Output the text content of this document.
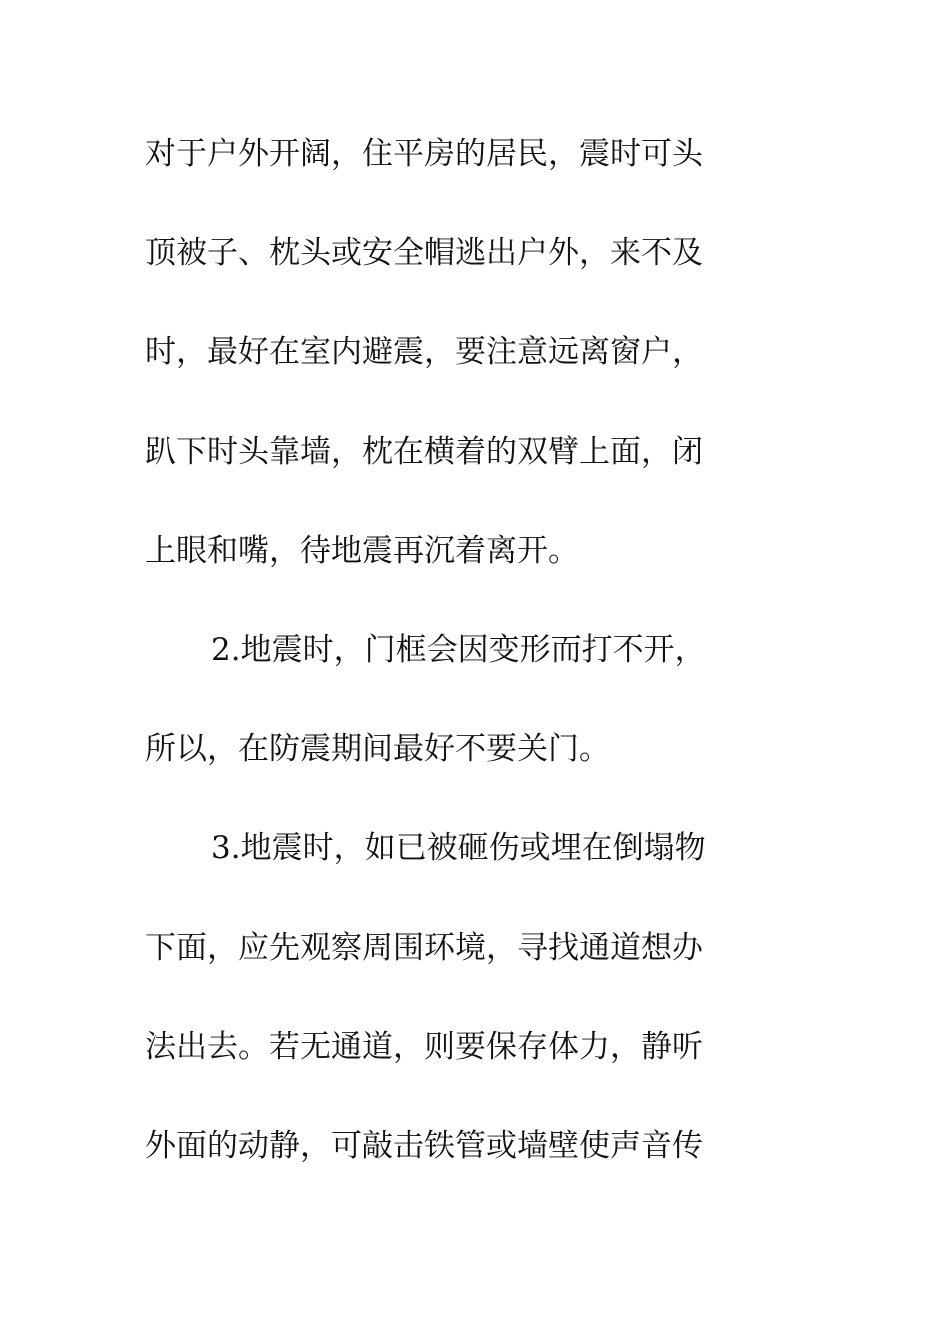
对于户外开阔，住平房的居民，震时可头
顶被子、枕头或安全帽逃出户外，来不及
时，最好在室内避震，要注意远离窗户，
趴下时头靠墙，枕在横着的双臂上面，闭
上眼和嘴，待地震再沉着离开。
2.地震时，门框会因变形而打不开，
所以，在防震期间最好不要关门。
3.地震时，如已被砸伤或埋在倒塌物
下面，应先观察周围环境，寻找通道想办
法出去。若无通道，则要保存体力，静听
外面的动静，可敲击铁管或墙壁使声音传
